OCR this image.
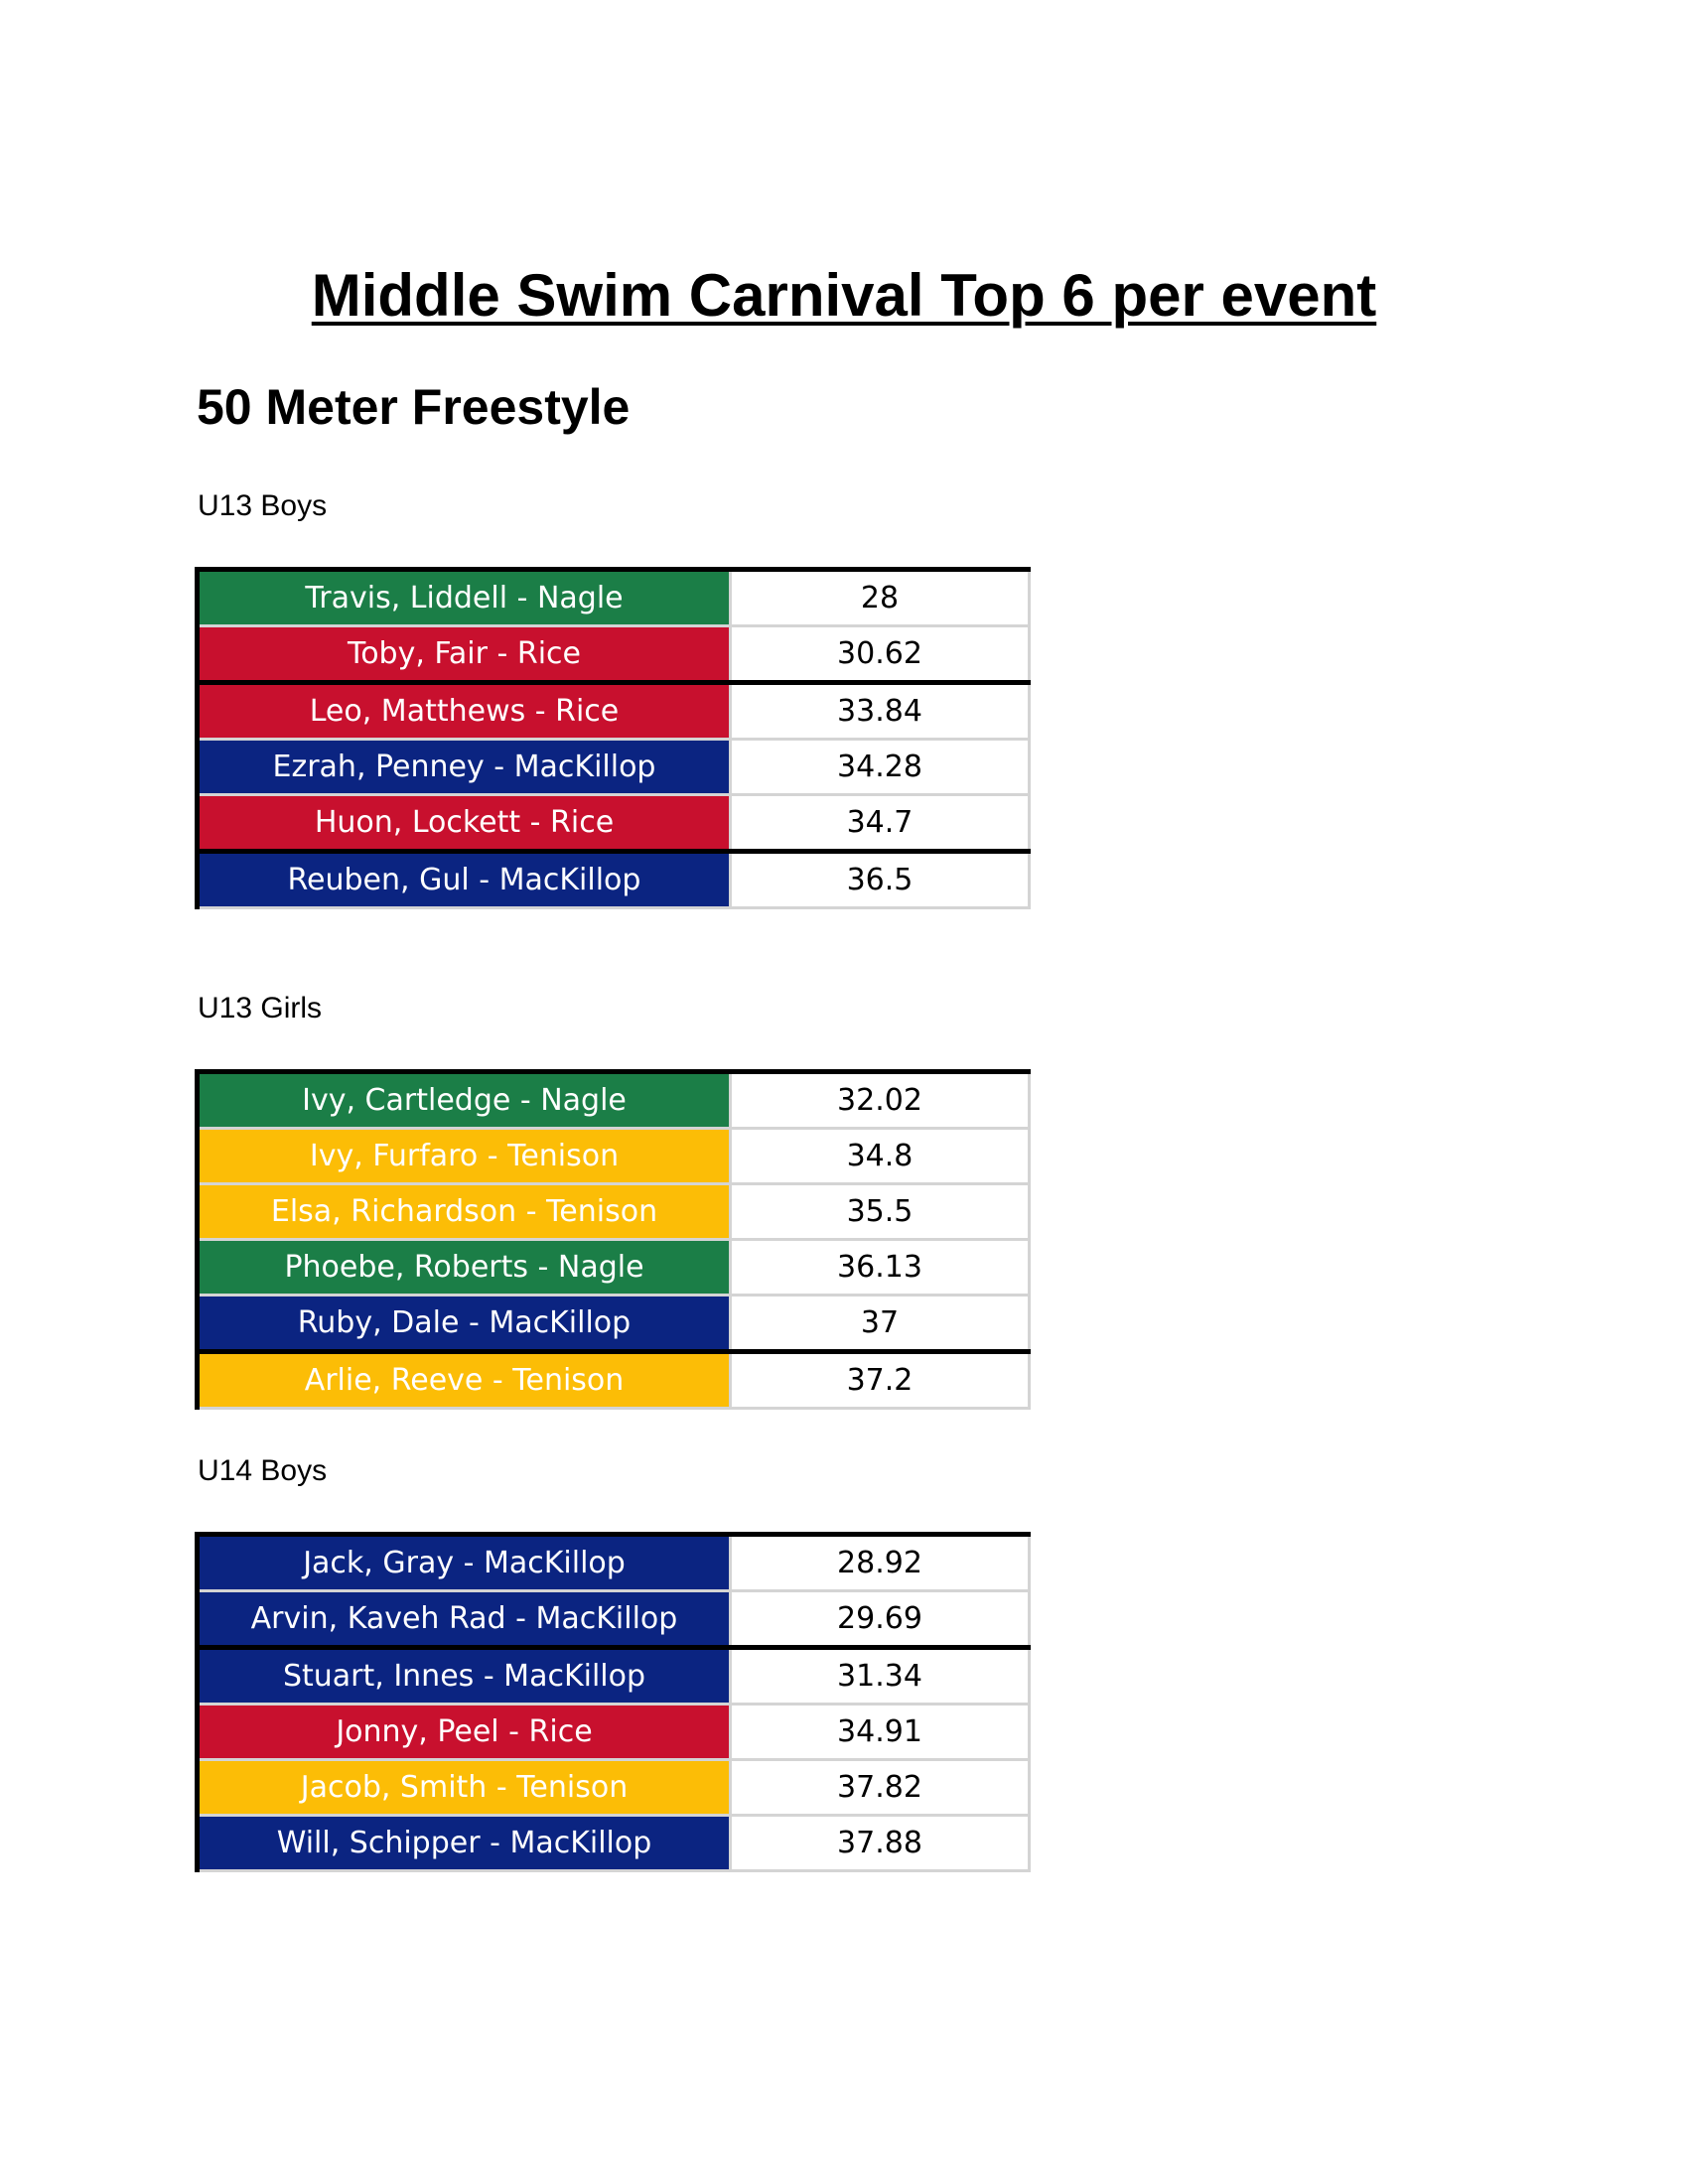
Middle Swim Carnival Top 6 per event
50 Meter Freestyle
U13 Boys
Travis, Liddell - Nagle	28
Toby, Fair - Rice	30.62
Leo, Matthews - Rice	33.84
Ezrah, Penney - MacKillop	34.28
Huon, Lockett - Rice	34.7
Reuben, Gul - MacKillop	36.5
U13 Girls
Ivy, Cartledge - Nagle	32.02
Ivy, Furfaro - Tenison	34.8
Elsa, Richardson - Tenison	35.5
Phoebe, Roberts - Nagle	36.13
Ruby, Dale - MacKillop	37
Arlie, Reeve - Tenison	37.2
U14 Boys
Jack, Gray - MacKillop	28.92
Arvin, Kaveh Rad - MacKillop	29.69
Stuart, Innes - MacKillop	31.34
Jonny, Peel - Rice	34.91
Jacob, Smith - Tenison	37.82
Will, Schipper - MacKillop	37.88
